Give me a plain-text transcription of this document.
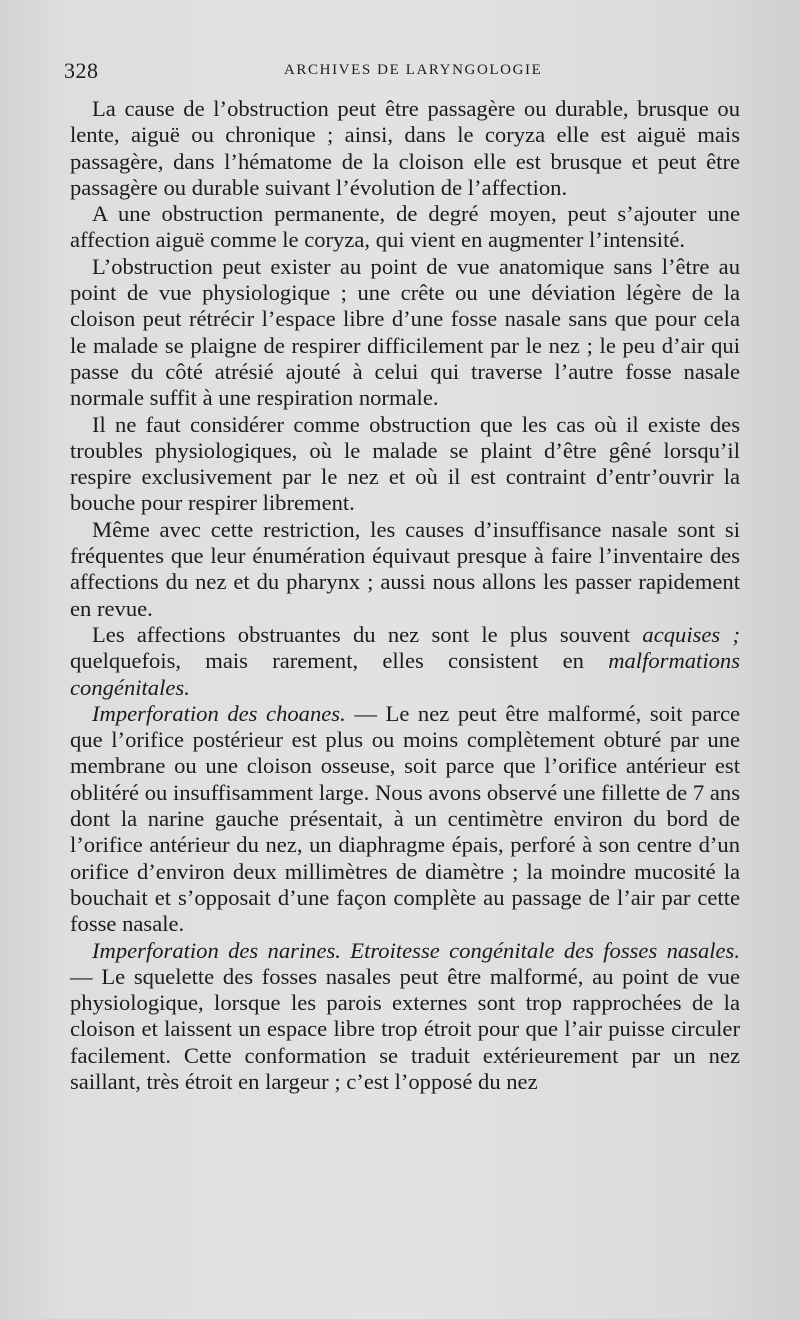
328	ARCHIVES DE LARYNGOLOGIE

La cause de l’obstruction peut être passagère ou durable, brusque ou lente, aiguë ou chronique ; ainsi, dans le coryza elle est aiguë mais passagère, dans l’hématome de la cloison elle est brusque et peut être passagère ou durable suivant l’évolution de l’affection.

A une obstruction permanente, de degré moyen, peut s’ajouter une affection aiguë comme le coryza, qui vient en augmenter l’intensité.

L’obstruction peut exister au point de vue anatomique sans l’être au point de vue physiologique ; une crête ou une déviation légère de la cloison peut rétrécir l’espace libre d’une fosse nasale sans que pour cela le malade se plaigne de respirer difficilement par le nez ; le peu d’air qui passe du côté atrésié ajouté à celui qui traverse l’autre fosse nasale normale suffit à une respiration normale.

Il ne faut considérer comme obstruction que les cas où il existe des troubles physiologiques, où le malade se plaint d’être gêné lorsqu’il respire exclusivement par le nez et où il est contraint d’entr’ouvrir la bouche pour respirer librement.

Même avec cette restriction, les causes d’insuffisance nasale sont si fréquentes que leur énumération équivaut presque à faire l’inventaire des affections du nez et du pharynx ; aussi nous allons les passer rapidement en revue.

Les affections obstruantes du nez sont le plus souvent acquises ; quelquefois, mais rarement, elles consistent en malformations congénitales.

Imperforation des choanes. — Le nez peut être malformé, soit parce que l’orifice postérieur est plus ou moins complètement obturé par une membrane ou une cloison osseuse, soit parce que l’orifice antérieur est oblitéré ou insuffisamment large. Nous avons observé une fillette de 7 ans dont la narine gauche présentait, à un centimètre environ du bord de l’orifice antérieur du nez, un diaphragme épais, perforé à son centre d’un orifice d’environ deux millimètres de diamètre ; la moindre mucosité la bouchait et s’opposait d’une façon complète au passage de l’air par cette fosse nasale.

Imperforation des narines. Etroitesse congénitale des fosses nasales. — Le squelette des fosses nasales peut être malformé, au point de vue physiologique, lorsque les parois externes sont trop rapprochées de la cloison et laissent un espace libre trop étroit pour que l’air puisse circuler facilement. Cette conformation se traduit extérieurement par un nez saillant, très étroit en largeur ; c’est l’opposé du nez
